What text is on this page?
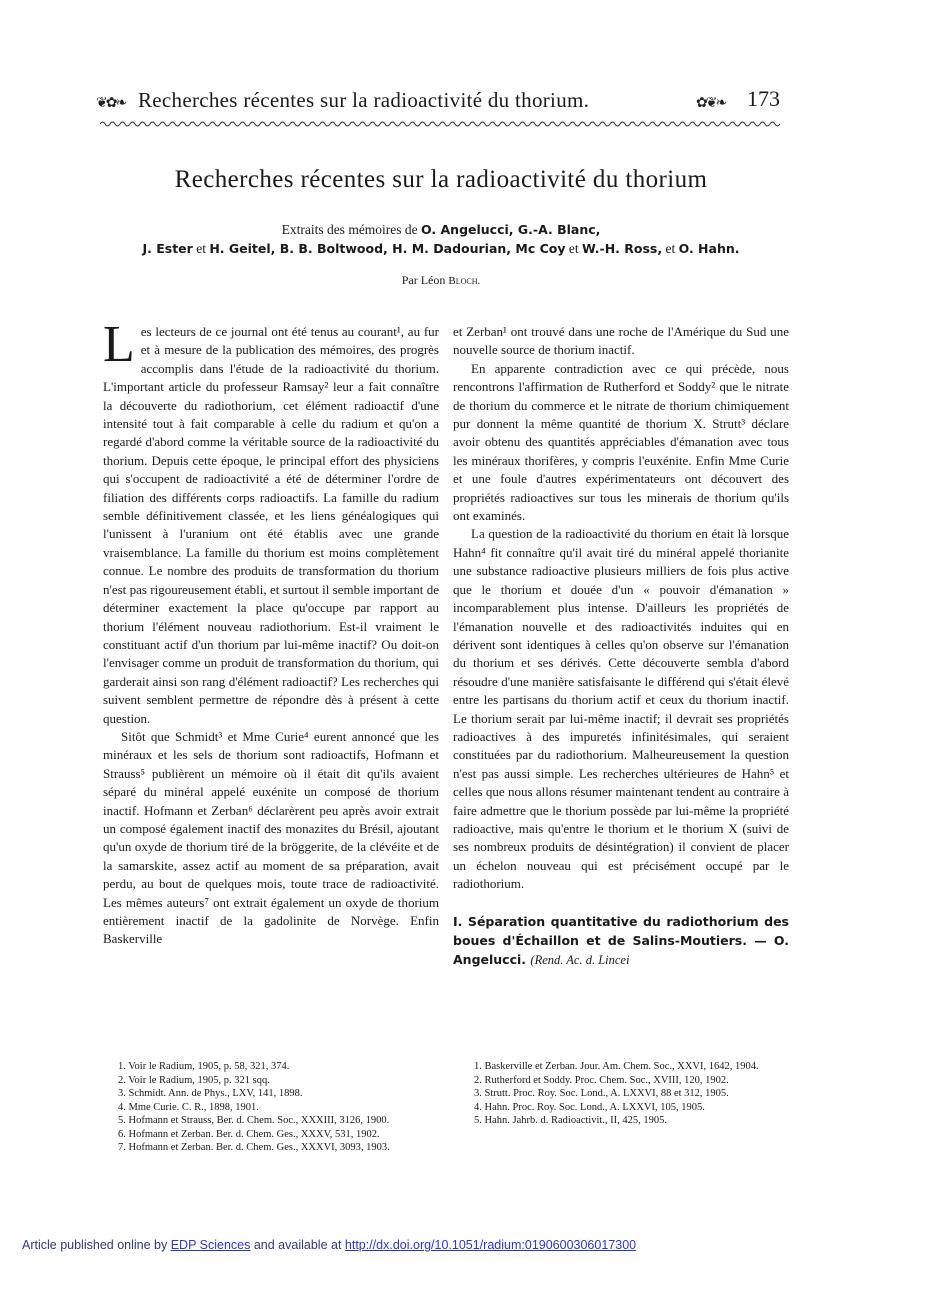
❦✿❧ Recherches récentes sur la radioactivité du thorium.	✿❦❧ 173
Recherches récentes sur la radioactivité du thorium
Extraits des mémoires de O. Angelucci, G.-A. Blanc,
J. Ester et H. Geitel, B. B. Boltwood, H. M. Dadourian, Mc Coy et W.-H. Ross, et O. Hahn.
Par Léon Bloch.

Les lecteurs de ce journal ont été tenus au courant¹, au fur et à mesure de la publication des mémoires, des progrès accomplis dans l'étude de la radioactivité du thorium. L'important article du professeur Ramsay² leur a fait connaître la découverte du radiothorium, cet élément radioactif d'une intensité tout à fait comparable à celle du radium et qu'on a regardé d'abord comme la véritable source de la radioactivité du thorium. Depuis cette époque, le principal effort des physiciens qui s'occupent de radioactivité a été de déterminer l'ordre de filiation des différents corps radioactifs. La famille du radium semble définitivement classée, et les liens généalogiques qui l'unissent à l'uranium ont été établis avec une grande vraisemblance. La famille du thorium est moins complètement connue. Le nombre des produits de transformation du thorium n'est pas rigoureusement établi, et surtout il semble important de déterminer exactement la place qu'occupe par rapport au thorium l'élément nouveau radiothorium. Est-il vraiment le constituant actif d'un thorium par lui-même inactif? Ou doit-on l'envisager comme un produit de transformation du thorium, qui garderait ainsi son rang d'élément radioactif? Les recherches qui suivent semblent permettre de répondre dès à présent à cette question.

Sitôt que Schmidt³ et Mme Curie⁴ eurent annoncé que les minéraux et les sels de thorium sont radioactifs, Hofmann et Strauss⁵ publièrent un mémoire où il était dit qu'ils avaient séparé du minéral appelé euxénite un composé de thorium inactif. Hofmann et Zerban⁶ déclarèrent peu après avoir extrait un composé également inactif des monazites du Brésil, ajoutant qu'un oxyde de thorium tiré de la bröggerite, de la clévéite et de la samarskite, assez actif au moment de sa préparation, avait perdu, au bout de quelques mois, toute trace de radioactivité. Les mêmes auteurs⁷ ont extrait également un oxyde de thorium entièrement inactif de la gadolinite de Norvège. Enfin Baskerville

et Zerban¹ ont trouvé dans une roche de l'Amérique du Sud une nouvelle source de thorium inactif.

En apparente contradiction avec ce qui précède, nous rencontrons l'affirmation de Rutherford et Soddy² que le nitrate de thorium du commerce et le nitrate de thorium chimiquement pur donnent la même quantité de thorium X. Strutt³ déclare avoir obtenu des quantités appréciables d'émanation avec tous les minéraux thorifères, y compris l'euxénite. Enfin Mme Curie et une foule d'autres expérimentateurs ont découvert des propriétés radioactives sur tous les minerais de thorium qu'ils ont examinés.

La question de la radioactivité du thorium en était là lorsque Hahn⁴ fit connaître qu'il avait tiré du minéral appelé thorianite une substance radioactive plusieurs milliers de fois plus active que le thorium et douée d'un « pouvoir d'émanation » incomparablement plus intense. D'ailleurs les propriétés de l'émanation nouvelle et des radioactivités induites qui en dérivent sont identiques à celles qu'on observe sur l'émanation du thorium et ses dérivés. Cette découverte sembla d'abord résoudre d'une manière satisfaisante le différend qui s'était élevé entre les partisans du thorium actif et ceux du thorium inactif. Le thorium serait par lui-même inactif; il devrait ses propriétés radioactives à des impuretés infinitésimales, qui seraient constituées par du radiothorium. Malheureusement la question n'est pas aussi simple. Les recherches ultérieures de Hahn⁵ et celles que nous allons résumer maintenant tendent au contraire à faire admettre que le thorium possède par lui-même la propriété radioactive, mais qu'entre le thorium et le thorium X (suivi de ses nombreux produits de désintégration) il convient de placer un échelon nouveau qui est précisément occupé par le radiothorium.

I. Séparation quantitative du radiothorium des boues d'Échaillon et de Salins-Moutiers. — O. Angelucci. (Rend. Ac. d. Lincei

1. Voir le Radium, 1905, p. 58, 321, 374.
2. Voir le Radium, 1905, p. 321 sqq.
3. Schmidt. Ann. de Phys., LXV, 141, 1898.
4. Mme Curie. C. R., 1898, 1901.
5. Hofmann et Strauss, Ber. d. Chem. Soc., XXXIII, 3126, 1900.
6. Hofmann et Zerban. Ber. d. Chem. Ges., XXXV, 531, 1902.
7. Hofmann et Zerban. Ber. d. Chem. Ges., XXXVI, 3093, 1903.
1. Baskerville et Zerban. Jour. Am. Chem. Soc., XXVI, 1642, 1904.
2. Rutherford et Soddy. Proc. Chem. Soc., XVIII, 120, 1902.
3. Strutt. Proc. Roy. Soc. Lond., A. LXXVI, 88 et 312, 1905.
4. Hahn. Proc. Roy. Soc. Lond., A. LXXVI, 105, 1905.
5. Hahn. Jahrb. d. Radioactivit., II, 425, 1905.
Article published online by EDP Sciences and available at http://dx.doi.org/10.1051/radium:0190600306017300
